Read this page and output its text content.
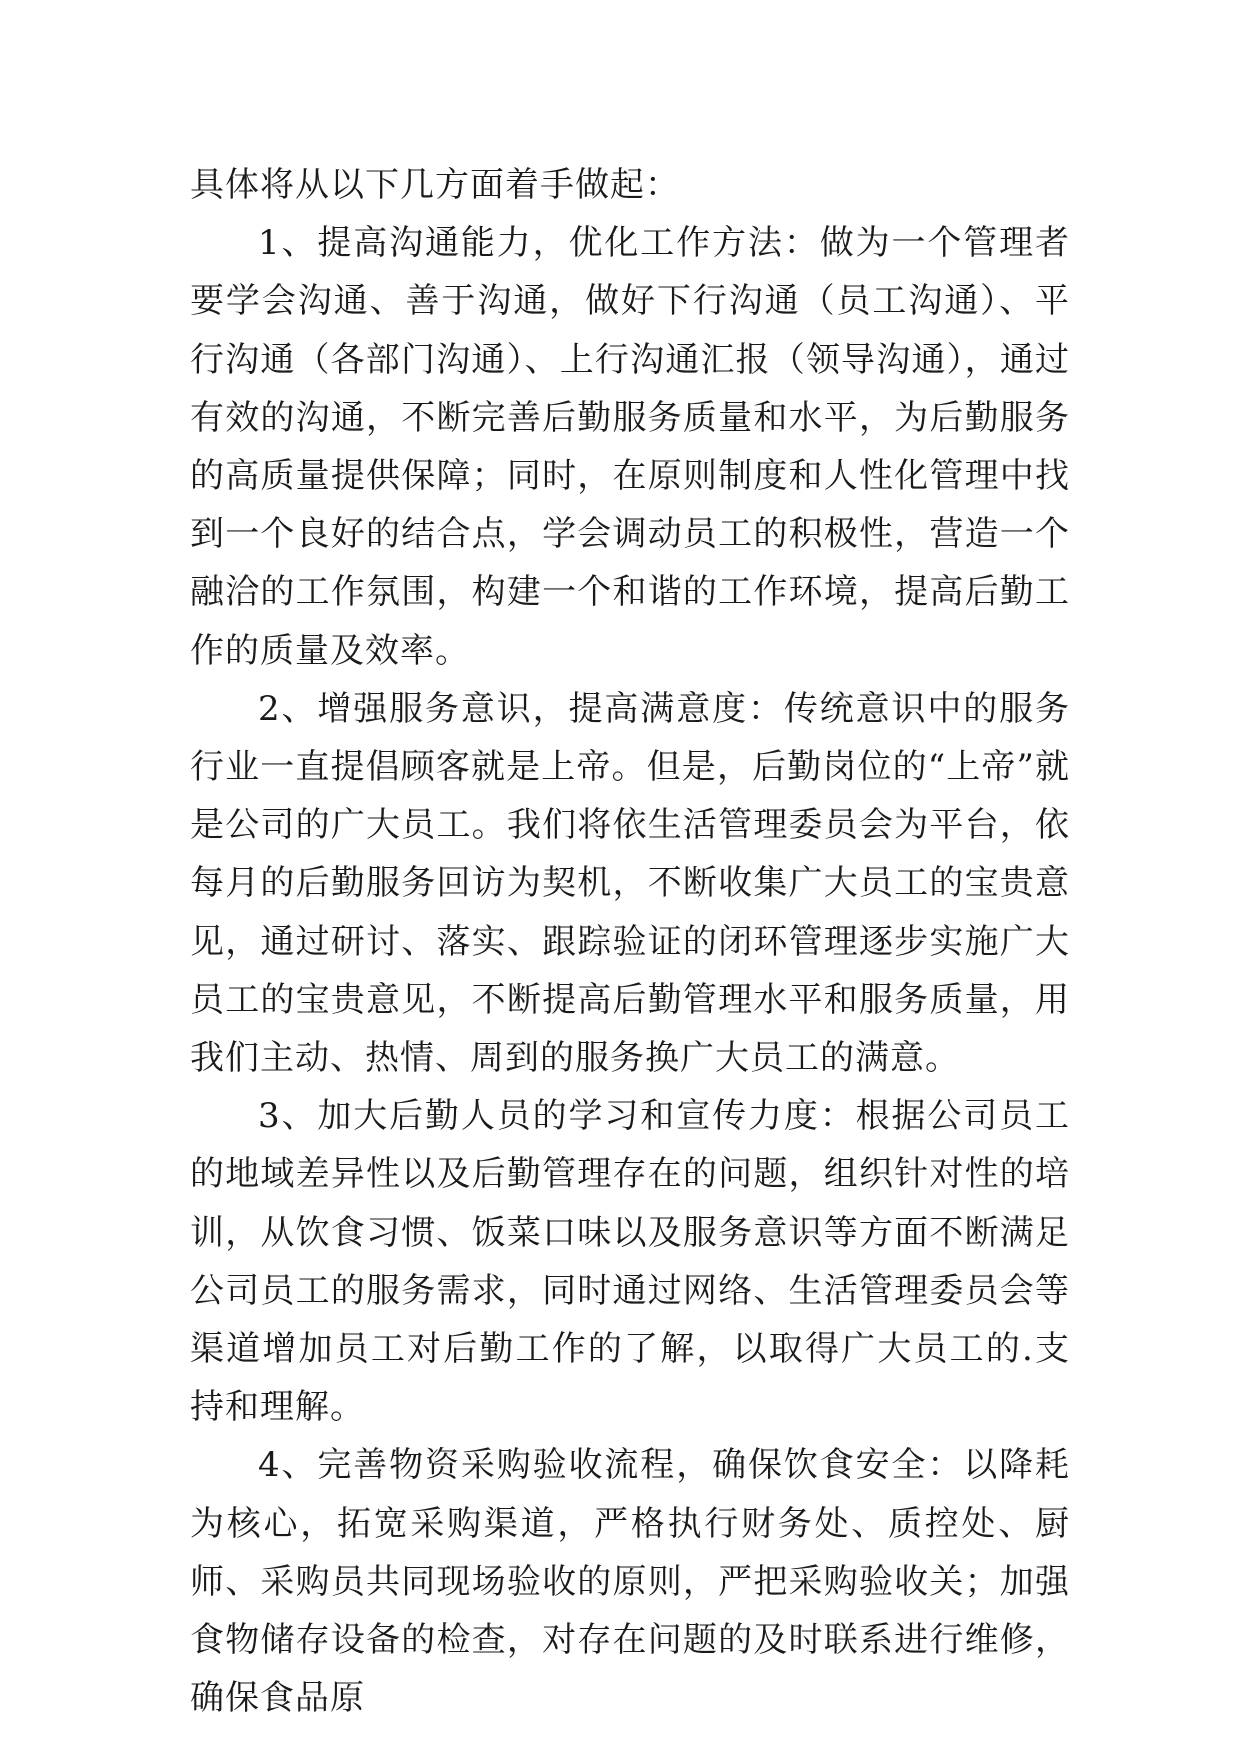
具体将从以下几方面着手做起：

1、提高沟通能力，优化工作方法：做为一个管理者要学会沟通、善于沟通，做好下行沟通（员工沟通）、平行沟通（各部门沟通）、上行沟通汇报（领导沟通），通过有效的沟通，不断完善后勤服务质量和水平，为后勤服务的高质量提供保障；同时，在原则制度和人性化管理中找到一个良好的结合点，学会调动员工的积极性，营造一个融洽的工作氛围，构建一个和谐的工作环境，提高后勤工作的质量及效率。

2、增强服务意识，提高满意度：传统意识中的服务行业一直提倡顾客就是上帝。但是，后勤岗位的“上帝”就是公司的广大员工。我们将依生活管理委员会为平台，依每月的后勤服务回访为契机，不断收集广大员工的宝贵意见，通过研讨、落实、跟踪验证的闭环管理逐步实施广大员工的宝贵意见，不断提高后勤管理水平和服务质量，用我们主动、热情、周到的服务换广大员工的满意。

3、加大后勤人员的学习和宣传力度：根据公司员工的地域差异性以及后勤管理存在的问题，组织针对性的培训，从饮食习惯、饭菜口味以及服务意识等方面不断满足公司员工的服务需求，同时通过网络、生活管理委员会等渠道增加员工对后勤工作的了解，以取得广大员工的.支持和理解。

4、完善物资采购验收流程，确保饮食安全：以降耗为核心，拓宽采购渠道，严格执行财务处、质控处、厨师、采购员共同现场验收的原则，严把采购验收关；加强食物储存设备的检查，对存在问题的及时联系进行维修，确保食品原
